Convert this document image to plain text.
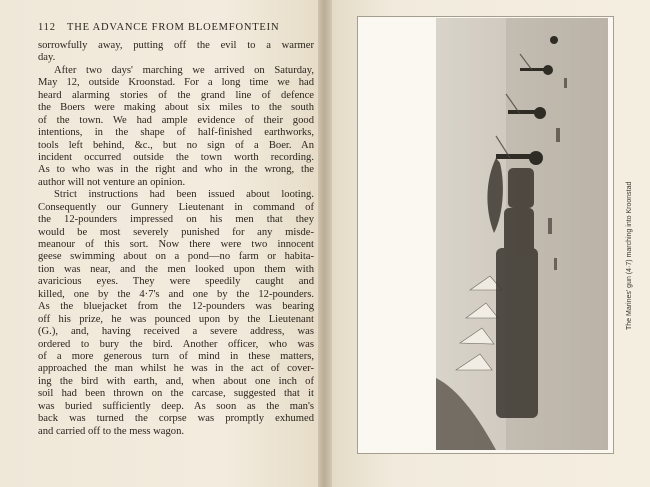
112 THE ADVANCE FROM BLOEMFONTEIN
sorrowfully away, putting off the evil to a warmer
day.
After two days' marching we arrived on Saturday,
May 12, outside Kroonstad. For a long time we had
heard alarming stories of the grand line of defence
the Boers were making about six miles to the south
of the town. We had ample evidence of their good
intentions, in the shape of half-finished earthworks,
tools left behind, &c., but no sign of a Boer. An
incident occurred outside the town worth recording.
As to who was in the right and who in the wrong, the
author will not venture an opinion.
Strict instructions had been issued about looting.
Consequently our Gunnery Lieutenant in command of
the 12-pounders impressed on his men that they
would be most severely punished for any misde-
meanour of this sort. Now there were two innocent
geese swimming about on a pond—no farm or habita-
tion was near, and the men looked upon them with
avaricious eyes. They were speedily caught and
killed, one by the 4·7's and one by the 12-pounders.
As the bluejacket from the 12-pounders was bearing
off his prize, he was pounced upon by the Lieutenant
(G.), and, having received a severe address, was
ordered to bury the bird. Another officer, who was
of a more generous turn of mind in these matters,
approached the man whilst he was in the act of cover-
ing the bird with earth, and, when about one inch of
soil had been thrown on the carcase, suggested that it
was buried sufficiently deep. As soon as the man's
back was turned the corpse was promptly exhumed
and carried off to the mess wagon.
The Marines' gun (4·7) marching into Kroonstad
